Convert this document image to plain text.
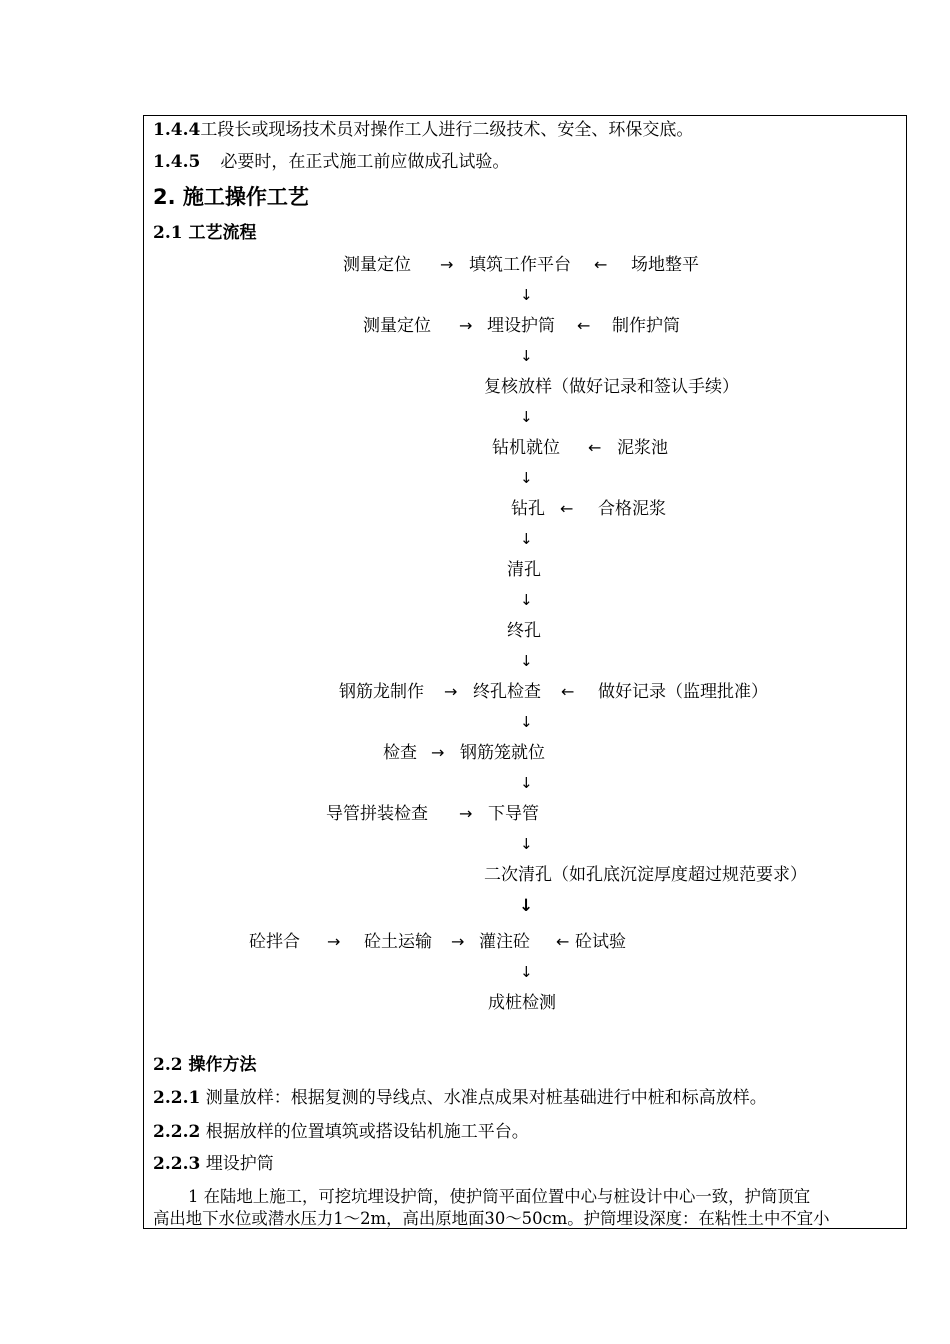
1.4.4工段长或现场技术员对操作工人进行二级技术、安全、环保交底。
1.4.5 必要时，在正式施工前应做成孔试验。
2. 施工操作工艺
2.1 工艺流程
测量定位 → 填筑工作平台 ← 场地整平
↓
测量定位 → 埋设护筒 ← 制作护筒
↓
复核放样（做好记录和签认手续）
↓
钻机就位 ← 泥浆池
↓
钻孔 ← 合格泥浆
↓
清孔
↓
终孔
↓
钢筋龙制作 → 终孔检查 ← 做好记录（监理批准）
↓
检查 → 钢筋笼就位
↓
导管拼装检查 → 下导管
↓
二次清孔（如孔底沉淀厚度超过规范要求）
↓
砼拌合 → 砼土运输 → 灌注砼 ← 砼试验
↓
成桩检测
2.2 操作方法
2.2.1 测量放样：根据复测的导线点、水准点成果对桩基础进行中桩和标高放样。
2.2.2 根据放样的位置填筑或搭设钻机施工平台。
2.2.3 埋设护筒
1 在陆地上施工，可挖坑埋设护筒，使护筒平面位置中心与桩设计中心一致，护筒顶宜
高出地下水位或潜水压力1～2m，高出原地面30～50cm。护筒埋设深度：在粘性土中不宜小
